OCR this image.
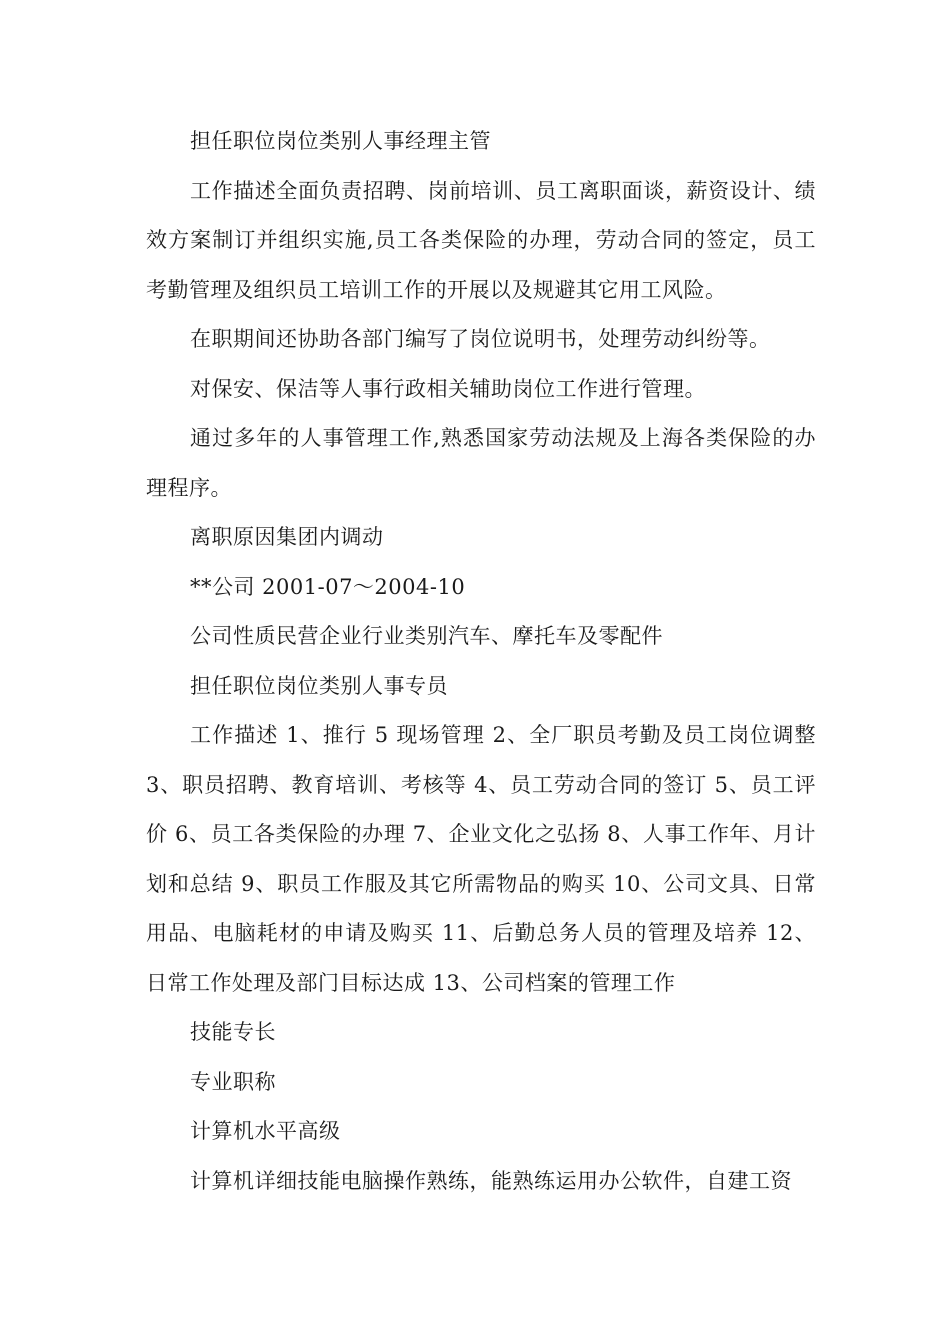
担任职位岗位类别人事经理主管

工作描述全面负责招聘、岗前培训、员工离职面谈，薪资设计、绩效方案制订并组织实施,员工各类保险的办理，劳动合同的签定，员工考勤管理及组织员工培训工作的开展以及规避其它用工风险。

在职期间还协助各部门编写了岗位说明书，处理劳动纠纷等。

对保安、保洁等人事行政相关辅助岗位工作进行管理。

通过多年的人事管理工作,熟悉国家劳动法规及上海各类保险的办理程序。

离职原因集团内调动

**公司 2001-07～2004-10

公司性质民营企业行业类别汽车、摩托车及零配件

担任职位岗位类别人事专员

工作描述 1、推行 5 现场管理 2、全厂职员考勤及员工岗位调整 3、职员招聘、教育培训、考核等 4、员工劳动合同的签订 5、员工评价 6、员工各类保险的办理 7、企业文化之弘扬 8、人事工作年、月计划和总结 9、职员工作服及其它所需物品的购买 10、公司文具、日常用品、电脑耗材的申请及购买 11、后勤总务人员的管理及培养 12、日常工作处理及部门目标达成 13、公司档案的管理工作

技能专长

专业职称

计算机水平高级

计算机详细技能电脑操作熟练，能熟练运用办公软件，自建工资
